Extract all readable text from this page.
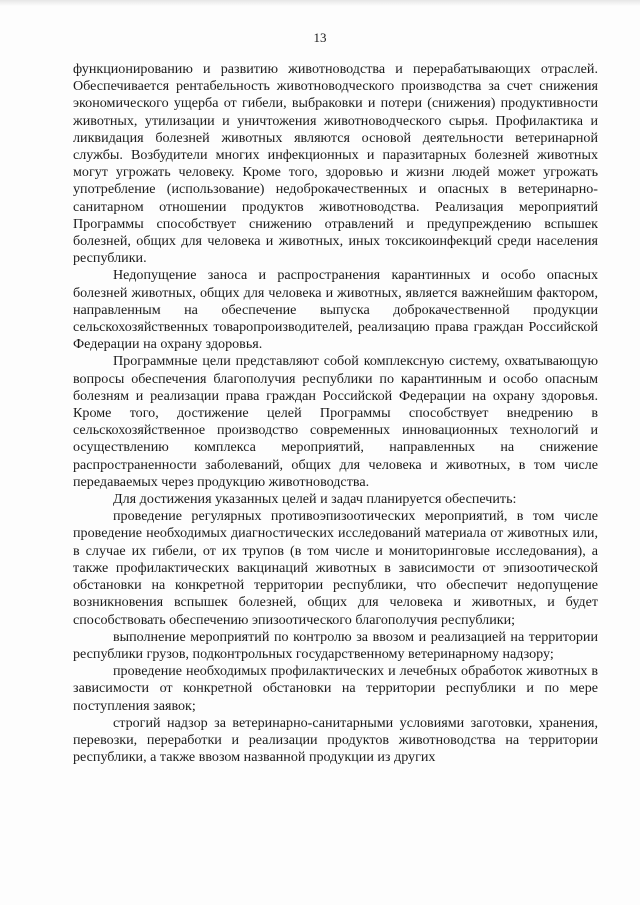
13

функционированию и развитию животноводства и перерабатывающих отраслей. Обеспечивается рентабельность животноводческого производства за счет снижения экономического ущерба от гибели, выбраковки и потери (снижения) продуктивности животных, утилизации и уничтожения животноводческого сырья. Профилактика и ликвидация болезней животных являются основой деятельности ветеринарной службы. Возбудители многих инфекционных и паразитарных болезней животных могут угрожать человеку. Кроме того, здоровью и жизни людей может угрожать употребление (использование) недоброкачественных и опасных в ветеринарно-санитарном отношении продуктов животноводства. Реализация мероприятий Программы способствует снижению отравлений и предупреждению вспышек болезней, общих для человека и животных, иных токсикоинфекций среди населения республики.

Недопущение заноса и распространения карантинных и особо опасных болезней животных, общих для человека и животных, является важнейшим фактором, направленным на обеспечение выпуска доброкачественной продукции сельскохозяйственных товаропроизводителей, реализацию права граждан Российской Федерации на охрану здоровья.

Программные цели представляют собой комплексную систему, охватывающую вопросы обеспечения благополучия республики по карантинным и особо опасным болезням и реализации права граждан Российской Федерации на охрану здоровья. Кроме того, достижение целей Программы способствует внедрению в сельскохозяйственное производство современных инновационных технологий и осуществлению комплекса мероприятий, направленных на снижение распространенности заболеваний, общих для человека и животных, в том числе передаваемых через продукцию животноводства.

Для достижения указанных целей и задач планируется обеспечить:

проведение регулярных противоэпизоотических мероприятий, в том числе проведение необходимых диагностических исследований материала от животных или, в случае их гибели, от их трупов (в том числе и мониторинговые исследования), а также профилактических вакцинаций животных в зависимости от эпизоотической обстановки на конкретной территории республики, что обеспечит недопущение возникновения вспышек болезней, общих для человека и животных, и будет способствовать обеспечению эпизоотического благополучия республики;

выполнение мероприятий по контролю за ввозом и реализацией на территории республики грузов, подконтрольных государственному ветеринарному надзору;

проведение необходимых профилактических и лечебных обработок животных в зависимости от конкретной обстановки на территории республики и по мере поступления заявок;

строгий надзор за ветеринарно-санитарными условиями заготовки, хранения, перевозки, переработки и реализации продуктов животноводства на территории республики, а также ввозом названной продукции из других
